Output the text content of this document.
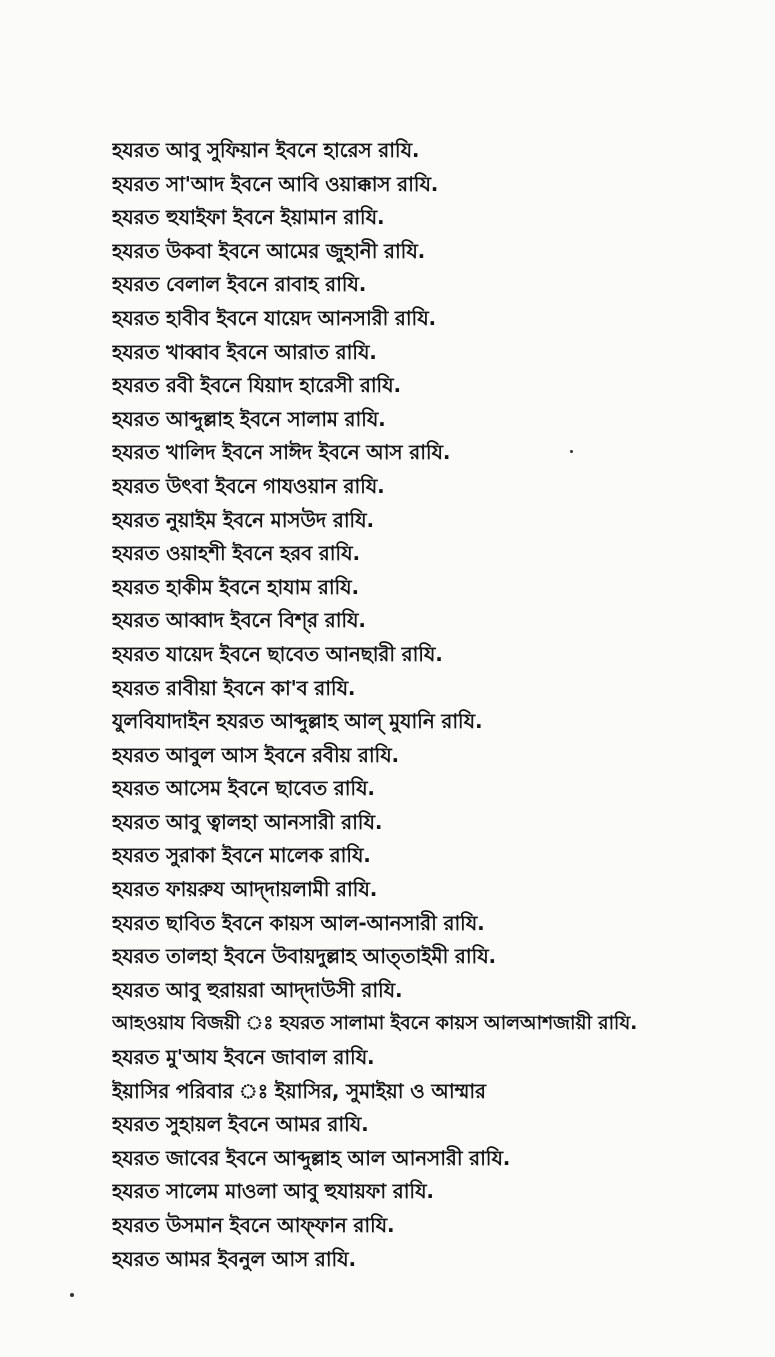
হযরত আবু সুফিয়ান ইবনে হারেস রাযি.
হযরত সা'আদ ইবনে আবি ওয়াক্কাস রাযি.
হযরত হুযাইফা ইবনে ইয়ামান রাযি.
হযরত উকবা ইবনে আমের জুহানী রাযি.
হযরত বেলাল ইবনে রাবাহ রাযি.
হযরত হাবীব ইবনে যায়েদ আনসারী রাযি.
হযরত খাব্বাব ইবনে আরাত রাযি.
হযরত রবী ইবনে যিয়াদ হারেসী রাযি.
হযরত আব্দুল্লাহ ইবনে সালাম রাযি.
হযরত খালিদ ইবনে সাঈদ ইবনে আস রাযি.
হযরত উৎবা ইবনে গাযওয়ান রাযি.
হযরত নুয়াইম ইবনে মাসউদ রাযি.
হযরত ওয়াহশী ইবনে হরব রাযি.
হযরত হাকীম ইবনে হাযাম রাযি.
হযরত আব্বাদ ইবনে বিশ্‌র রাযি.
হযরত যায়েদ ইবনে ছাবেত আনছারী রাযি.
হযরত রাবীয়া ইবনে কা'ব রাযি.
যুলবিযাদাইন হযরত আব্দুল্লাহ আল্‌ মুযানি রাযি.
হযরত আবুল আস ইবনে রবীয় রাযি.
হযরত আসেম ইবনে ছাবেত রাযি.
হযরত আবু ত্বালহা আনসারী রাযি.
হযরত সুরাকা ইবনে মালেক রাযি.
হযরত ফায়রুয আদ্‌দায়লামী রাযি.
হযরত ছাবিত ইবনে কায়স আল-আনসারী রাযি.
হযরত তালহা ইবনে উবায়দুল্লাহ আত্‌তাইমী রাযি.
হযরত আবু হুরায়রা আদ্‌দাউসী রাযি.
আহওয়ায বিজয়ী ঃ হযরত সালামা ইবনে কায়স আলআশজায়ী রাযি.
হযরত মু'আয ইবনে জাবাল রাযি.
ইয়াসির পরিবার ঃ ইয়াসির, সুমাইয়া ও আম্মার
হযরত সুহায়ল ইবনে আমর রাযি.
হযরত জাবের ইবনে আব্দুল্লাহ আল আনসারী রাযি.
হযরত সালেম মাওলা আবু হুযায়ফা রাযি.
হযরত উসমান ইবনে আফ্‌ফান রাযি.
হযরত আমর ইবনুল আস রাযি.
